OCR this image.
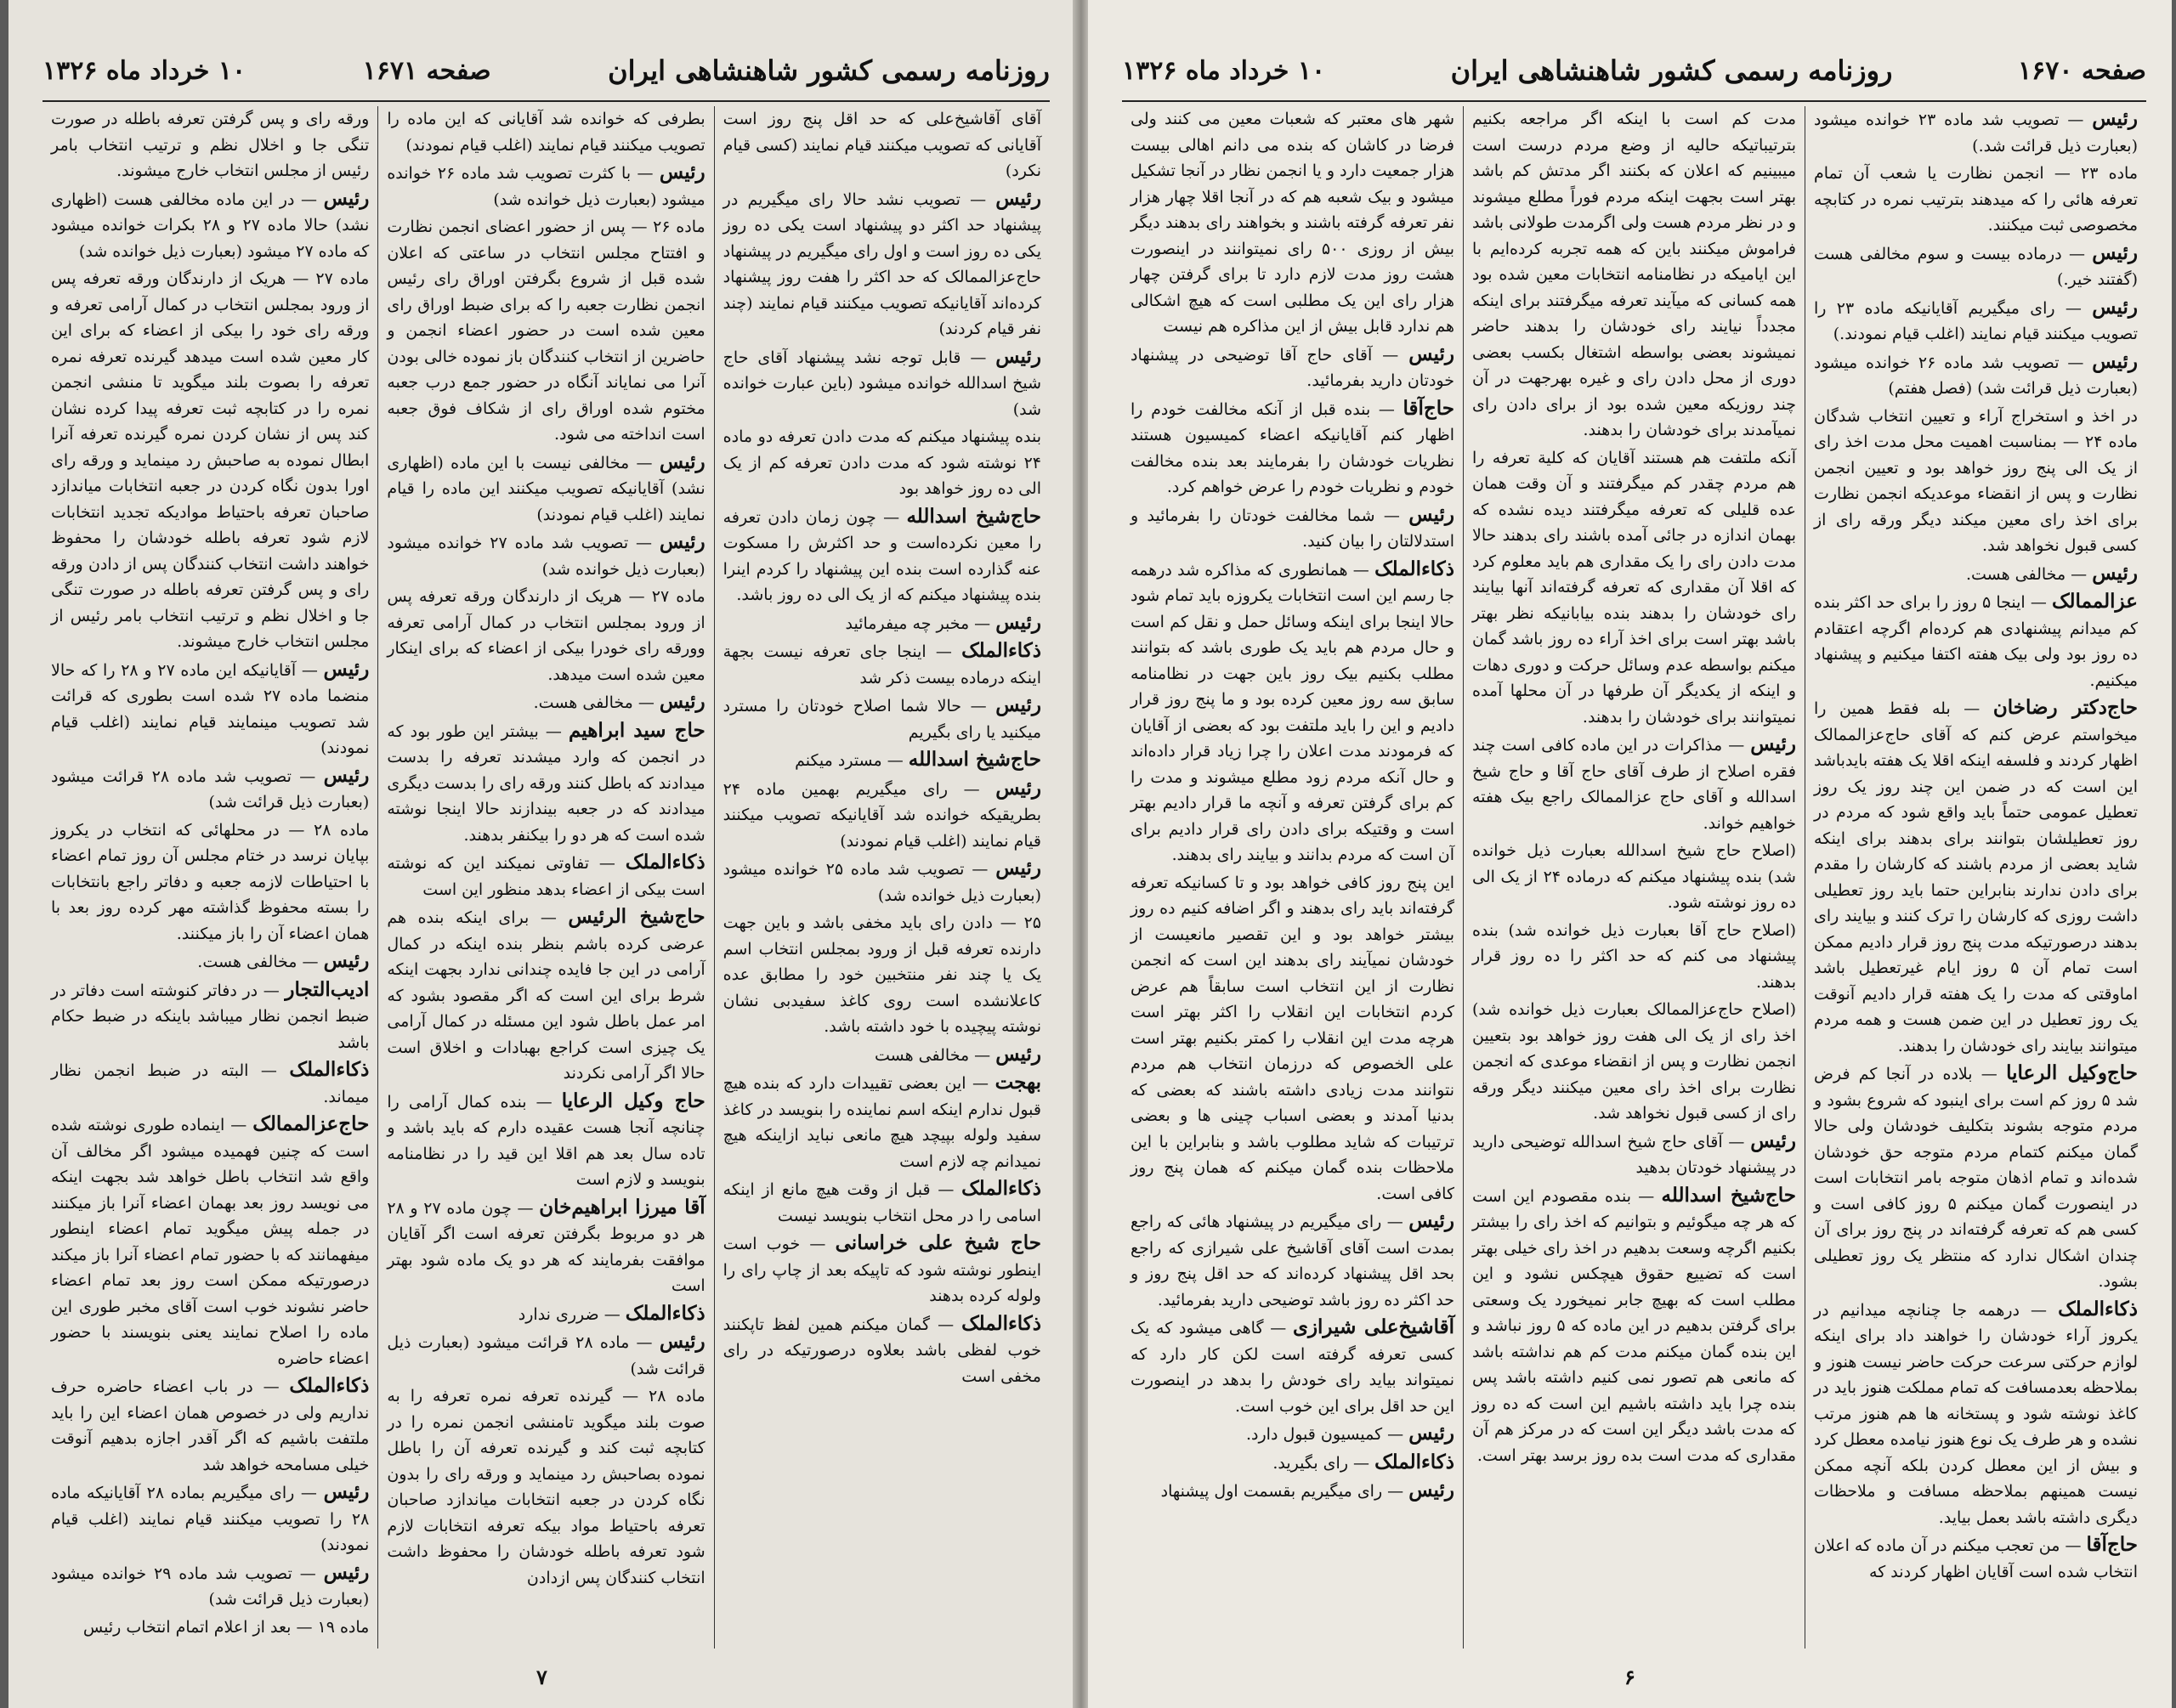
صفحه ۱۶۷۱	روزنامه رسمی کشور شاهنشاهی ایران
۱۰ خرداد ماه ۱۳۲۶

آقای آقاشیخ‌علی که حد اقل پنج روز است آقایانی که تصویب میکنند قیام نمایند (کسی قیام نکرد)

رئیس — تصویب نشد حالا رای میگیریم در پیشنهاد حد اکثر دو پیشنهاد است یکی ده روز یکی ده روز است و اول رای میگیریم در پیشنهاد حاج‌عزالممالک که حد اکثر را هفت روز پیشنهاد کرده‌اند آقایانیکه تصویب میکنند قیام نمایند (چند نفر قیام کردند)

رئیس — قابل توجه نشد پیشنهاد آقای حاج شیخ اسدالله خوانده میشود (باین عبارت خوانده شد)

بنده پیشنهاد میکنم که مدت دادن تعرفه دو ماده ۲۴ نوشته شود که مدت دادن تعرفه کم از یک الی ده روز خواهد بود

حاج‌شیخ اسدالله — چون زمان دادن تعرفه را معین نکرده‌است و حد اکثرش را مسکوت عنه گذارده است بنده این پیشنهاد را کردم اینرا بنده پیشنهاد میکنم که از یک الی ده روز باشد.

رئیس — مخبر چه میفرمائید

ذکاء‌الملک — اینجا جای تعرفه نیست بجهة اینکه درماده بیست ذکر شد

رئیس — حالا شما اصلاح خودتان را مسترد میکنید یا رای بگیریم

حاج‌شیخ اسدالله — مسترد میکنم

رئیس — رای میگیریم بهمین ماده ۲۴ بطریقیکه خوانده شد آقایانیکه تصویب میکنند قیام نمایند (اغلب قیام نمودند)

رئیس — تصویب شد ماده ۲۵ خوانده میشود (بعبارت ذیل خوانده شد)

۲۵ — دادن رای باید مخفی باشد و باین جهت دارنده تعرفه قبل از ورود بمجلس انتخاب اسم یک یا چند نفر منتخبین خود را مطابق عده کاعلانشده است روی کاغذ سفیدبی نشان نوشته پیچیده با خود داشته باشد.

رئیس — مخالفی هست

بهجت — این بعضی تقییدات دارد که بنده هیچ قبول ندارم اینکه اسم نماینده را بنویسد در کاغذ سفید ولوله بپیچد هیچ مانعی نباید ازاینکه هیچ نمیدانم چه لازم است

ذکاء‌الملک — قبل از وقت هیچ مانع از اینکه اسامی را در محل انتخاب بنویسد نیست

حاج شیخ علی خراسانی — خوب است اینطور نوشته شود که تاپیکه بعد از چاپ رای را ولوله کرده بدهند

ذکاء‌الملک — گمان میکنم همین لفظ تاپکنند خوب لفظی باشد بعلاوه درصورتیکه در رای مخفی است

بطرفی که خوانده شد آقایانی که این ماده را تصویب میکنند قیام نمایند (اغلب قیام نمودند)

رئیس — با کثرت تصویب شد ماده ۲۶ خوانده میشود (بعبارت ذیل خوانده شد)

ماده ۲۶ — پس از حضور اعضای انجمن نظارت و افتتاح مجلس انتخاب در ساعتی که اعلان شده قبل از شروع بگرفتن اوراق رای رئیس انجمن نظارت جعبه را که برای ضبط اوراق رای معین شده است در حضور اعضاء انجمن و حاضرین از انتخاب کنندگان باز نموده خالی بودن آنرا می نمایاند آنگاه در حضور جمع درب جعبه مختوم شده اوراق رای از شکاف فوق جعبه است انداخته می شود.

رئیس — مخالفی نیست با این ماده (اظهاری نشد) آقایانیکه تصویب میکنند این ماده را قیام نمایند (اغلب قیام نمودند)

رئیس — تصویب شد ماده ۲۷ خوانده میشود (بعبارت ذیل خوانده شد)

ماده ۲۷ — هریک از دارندگان ورقه تعرفه پس از ورود بمجلس انتخاب در کمال آرامی تعرفه وورقه رای خودرا بیکی از اعضاء که برای اینکار معین شده است میدهد.

رئیس — مخالفی هست.

حاج سید ابراهیم — بیشتر این طور بود که در انجمن که وارد میشدند تعرفه را بدست میدادند که باطل کنند ورقه رای را بدست دیگری میدادند که در جعبه بیندازند حالا اینجا نوشته شده است که هر دو را بیکنفر بدهند.

ذکاء‌الملک — تفاوتی نمیکند این که نوشته است بیکی از اعضاء بدهد منظور این است

حاج‌شیخ الرئیس — برای اینکه بنده هم عرضی کرده باشم بنظر بنده اینکه در کمال آرامی در این جا فایده چندانی ندارد بجهت اینکه شرط برای این است که اگر مقصود بشود که امر عمل باطل شود این مسئله در کمال آرامی یک چیزی است کراجع بهبادات و اخلاق است حالا اگر آرامی نکردند

حاج وکیل الرعایا — بنده کمال آرامی را چنانچه آنجا هست عقیده دارم که باید باشد و تاده سال بعد هم اقلا این قید را در نظامنامه بنویسد و لازم است

آقا میرزا ابراهیم‌خان — چون ماده ۲۷ و ۲۸ هر دو مربوط بگرفتن تعرفه است اگر آقایان موافقت بفرمایند که هر دو یک ماده شود بهتر است

ذکاء‌الملک — ضرری ندارد

رئیس — ماده ۲۸ قرائت میشود (بعبارت ذیل قرائت شد)

ماده ۲۸ — گیرنده تعرفه نمره تعرفه را به صوت بلند میگوید تامنشی انجمن نمره را در کتابچه ثبت کند و گیرنده تعرفه آن را باطل نموده بصاحبش رد مینماید و ورقه رای را بدون نگاه کردن در جعبه انتخابات میاندازد صاحبان تعرفه باحتیاط مواد بیکه تعرفه انتخابات لازم شود تعرفه باطله خودشان را محفوظ داشت انتخاب کنندگان پس ازدادن

ورقه رای و پس گرفتن تعرفه باطله در صورت تنگی جا و اخلال نظم و ترتیب انتخاب بامر رئیس از مجلس انتخاب خارج میشوند.

رئیس — در این ماده مخالفی هست (اظهاری نشد) حالا ماده ۲۷ و ۲۸ بکرات خوانده میشود که ماده ۲۷ میشود (بعبارت ذیل خوانده شد)

ماده ۲۷ — هریک از دارندگان ورقه تعرفه پس از ورود بمجلس انتخاب در کمال آرامی تعرفه و ورقه رای خود را بیکی از اعضاء که برای این کار معین شده است میدهد گیرنده تعرفه نمره تعرفه را بصوت بلند میگوید تا منشی انجمن نمره را در کتابچه ثبت تعرفه پیدا کرده نشان کند پس از نشان کردن نمره گیرنده تعرفه آنرا ابطال نموده به صاحبش رد مینماید و ورقه رای اورا بدون نگاه کردن در جعبه انتخابات میاندازد صاحبان تعرفه باحتیاط موادیکه تجدید انتخابات لازم شود تعرفه باطله خودشان را محفوظ خواهند داشت انتخاب کنندگان پس از دادن ورقه رای و پس گرفتن تعرفه باطله در صورت تنگی جا و اخلال نظم و ترتیب انتخاب بامر رئیس از مجلس انتخاب خارج میشوند.

رئیس — آقایانیکه این ماده ۲۷ و ۲۸ را که حالا منضما ماده ۲۷ شده است بطوری که قرائت شد تصویب مینمایند قیام نمایند (اغلب قیام نمودند)

رئیس — تصویب شد ماده ۲۸ قرائت میشود (بعبارت ذیل قرائت شد)

ماده ۲۸ — در محلهائی که انتخاب در یکروز بپایان نرسد در ختام مجلس آن روز تمام اعضاء با احتیاطات لازمه جعبه و دفاتر راجع بانتخابات را بسته محفوظ گذاشته مهر کرده روز بعد با همان اعضاء آن را باز میکنند.

رئیس — مخالفی هست.

ادیب‌التجار — در دفاتر کنوشته است دفاتر در ضبط انجمن نظار میباشد باینکه در ضبط حکام باشد

ذکاء‌الملک — البته در ضبط انجمن نظار میماند.

حاج‌عزالممالک — اینماده طوری نوشته شده است که چنین فهمیده میشود اگر مخالف آن واقع شد انتخاب باطل خواهد شد بجهت اینکه می نویسد روز بعد بهمان اعضاء آنرا باز میکنند در جمله پیش میگوید تمام اعضاء اینطور میفهمانند که با حضور تمام اعضاء آنرا باز میکند درصورتیکه ممکن است روز بعد تمام اعضاء حاضر نشوند خوب است آقای مخبر طوری این ماده را اصلاح نمایند یعنی بنویسند با حضور اعضاء حاضره

ذکاء‌الملک — در باب اعضاء حاضره حرف نداریم ولی در خصوص همان اعضاء این را باید ملتفت باشیم که اگر آقدر اجازه بدهیم آنوقت خیلی مسامحه خواهد شد

رئیس — رای میگیریم بماده ۲۸ آقایانیکه ماده ۲۸ را تصویب میکنند قیام نمایند (اغلب قیام نمودند)

رئیس — تصویب شد ماده ۲۹ خوانده میشود (بعبارت ذیل قرائت شد)

ماده ۱۹ — بعد از اعلام اتمام انتخاب رئیس

۷
صفحه ۱۶۷۰
روزنامه رسمی کشور شاهنشاهی ایران
۱۰ خرداد ماه ۱۳۲۶

رئیس — تصویب شد ماده ۲۳ خوانده میشود (بعبارت ذیل قرائت شد.)

ماده ۲۳ — انجمن نظارت یا شعب آن تمام تعرفه هائی را که میدهند بترتیب نمره در کتابچه مخصوصی ثبت میکنند.

رئیس — درماده بیست و سوم مخالفی هست (گفتند خیر.)

رئیس — رای میگیریم آقایانیکه ماده ۲۳ را تصویب میکنند قیام نمایند (اغلب قیام نمودند.)

رئیس — تصویب شد ماده ۲۶ خوانده میشود (بعبارت ذیل قرائت شد) (فصل هفتم)

در اخذ و استخراج آراء و تعیین انتخاب شدگان ماده ۲۴ — بمناسبت اهمیت محل مدت اخذ رای از یک الی پنج روز خواهد بود و تعیین انجمن نظارت و پس از انقضاء موعدیکه انجمن نظارت برای اخذ رای معین میکند دیگر ورقه رای از کسی قبول نخواهد شد.

رئیس — مخالفی هست.

عزالممالک — اینجا ۵ روز را برای حد اکثر بنده کم میدانم پیشنهادی هم کرده‌ام اگرچه اعتقادم ده روز بود ولی بیک هفته اکتفا میکنیم و پیشنهاد میکنیم.

حاج‌دکتر رضاخان — بله فقط همین را میخواستم عرض کنم که آقای حاج‌عزالممالک اظهار کردند و فلسفه اینکه اقلا یک هفته بایدباشد این است که در ضمن این چند روز یک روز تعطیل عمومی حتماً باید واقع شود که مردم در روز تعطیلشان بتوانند برای بدهند برای اینکه شاید بعضی از مردم باشند که کارشان را مقدم برای دادن ندارند بنابراین حتما باید روز تعطیلی داشت روزی که کارشان را ترک کنند و بیایند رای بدهند درصورتیکه مدت پنج روز قرار دادیم ممکن است تمام آن ۵ روز ایام غیرتعطیل باشد اماوقتی که مدت را یک هفته قرار دادیم آنوقت یک روز تعطیل در این ضمن هست و همه مردم میتوانند بیایند رای خودشان را بدهند.

حاج‌وکیل الرعایا — بلاده در آنجا کم فرض شد ۵ روز کم است برای اینبود که شروع بشود و مردم متوجه بشوند بتکلیف خودشان ولی حالا گمان میکنم کتمام مردم متوجه حق خودشان شده‌اند و تمام اذهان متوجه بامر انتخابات است در اینصورت گمان میکنم ۵ روز کافی است و کسی هم که تعرفه گرفته‌اند در پنج روز برای آن چندان اشکال ندارد که منتظر یک روز تعطیلی بشود.

ذکاء‌الملک — درهمه جا چنانچه میدانیم در یکروز آراء خودشان را خواهند داد برای اینکه لوازم حرکتی سرعت حرکت حاضر نیست هنوز و بملاحظه بعدمسافت که تمام مملکت هنوز باید در کاغذ نوشته شود و پستخانه ها هم هنوز مرتب نشده و هر طرف یک نوع هنوز نیامده معطل کرد و بیش از این معطل کردن بلکه آنچه ممکن نیست همینهم بملاحظه مسافت و ملاحظات دیگری داشته باشد بعمل بیاید.

حاج‌آقا — من تعجب میکنم در آن ماده که اعلان انتخاب شده است آقایان اظهار کردند که

مدت کم است با اینکه اگر مراجعه بکنیم بترتیباتیکه حالیه از وضع مردم درست است میبینیم که اعلان که بکنند اگر مدتش کم باشد بهتر است بجهت اینکه مردم فوراً مطلع میشوند و در نظر مردم هست ولی اگرمدت طولانی باشد فراموش میکنند باین که همه تجربه کرده‌ایم با این ایامیکه در نظامنامه انتخابات معین شده بود همه کسانی که میآیند تعرفه میگرفتند برای اینکه مجدداً نیایند رای خودشان را بدهند حاضر نمیشوند بعضی بواسطه اشتغال بکسب بعضی دوری از محل دادن رای و غیره بهرجهت در آن چند روزیکه معین شده بود از برای دادن رای نمیآمدند برای خودشان را بدهند.

آنکه ملتفت هم هستند آقایان که کلیة تعرفه را هم مردم چقدر کم میگرفتند و آن وقت همان عده قلیلی که تعرفه میگرفتند دیده نشده که بهمان اندازه در جائی آمده باشند رای بدهند حالا مدت دادن رای را یک مقداری هم باید معلوم کرد که اقلا آن مقداری که تعرفه گرفته‌اند آنها بیایند رای خودشان را بدهند بنده بیابانیکه نظر بهتر باشد بهتر است برای اخذ آراء ده روز باشد گمان میکنم بواسطه عدم وسائل حرکت و دوری دهات و اینکه از یکدیگر آن طرفها در آن محلها آمده نمیتوانند برای خودشان را بدهند.

رئیس — مذاکرات در این ماده کافی است چند فقره اصلاح از طرف آقای حاج آقا و حاج شیخ اسدالله و آقای حاج عزالممالک راجع بیک هفته خواهیم خواند.

(اصلاح حاج شیخ اسدالله بعبارت ذیل خوانده شد) بنده پیشنهاد میکنم که درماده ۲۴ از یک الی ده روز نوشته شود.

(اصلاح حاج آقا بعبارت ذیل خوانده شد) بنده پیشنهاد می کنم که حد اکثر را ده روز قرار بدهند.

(اصلاح حاج‌عزالممالک بعبارت ذیل خوانده شد) اخذ رای از یک الی هفت روز خواهد بود بتعیین انجمن نظارت و پس از انقضاء موعدی که انجمن نظارت برای اخذ رای معین میکنند دیگر ورقه رای از کسی قبول نخواهد شد.

رئیس — آقای حاج شیخ اسدالله توضیحی دارید در پیشنهاد خودتان بدهید

حاج‌شیخ اسدالله — بنده مقصودم این است که هر چه میگوئیم و بتوانیم که اخذ رای را بیشتر بکنیم اگرچه وسعت بدهیم در اخذ رای خیلی بهتر است که تضییع حقوق هیچکس نشود و این مطلب است که بهیچ جابر نمیخورد یک وسعتی برای گرفتن بدهیم در این ماده که ۵ روز نباشد و این بنده گمان میکنم مدت کم هم نداشته باشد که مانعی هم تصور نمی کنیم داشته باشد پس بنده چرا باید داشته باشیم این است که ده روز که مدت باشد دیگر این است که در مرکز هم آن مقداری که مدت است بده روز برسد بهتر است.

شهر های معتبر که شعبات معین می کنند ولی فرضا در کاشان که بنده می دانم اهالی بیست هزار جمعیت دارد و یا انجمن نظار در آنجا تشکیل میشود و بیک شعبه هم که در آنجا اقلا چهار هزار نفر تعرفه گرفته باشند و بخواهند رای بدهند دیگر بیش از روزی ۵۰۰ رای نمیتوانند در اینصورت هشت روز مدت لازم دارد تا برای گرفتن چهار هزار رای این یک مطلبی است که هیچ اشکالی هم ندارد قابل بیش از این مذاکره هم نیست

رئیس — آقای حاج آقا توضیحی در پیشنهاد خودتان دارید بفرمائید.

حاج‌آقا — بنده قبل از آنکه مخالفت خودم را اظهار کنم آقایانیکه اعضاء کمیسیون هستند نظریات خودشان را بفرمایند بعد بنده مخالفت خودم و نظریات خودم را عرض خواهم کرد.

رئیس — شما مخالفت خودتان را بفرمائید و استدلالتان را بیان کنید.

ذکاء‌الملک — همانطوری که مذاکره شد درهمه جا رسم این است انتخابات یکروزه باید تمام شود حالا اینجا برای اینکه وسائل حمل و نقل کم است و حال مردم هم باید یک طوری باشد که بتوانند مطلب بکنیم بیک روز باین جهت در نظامنامه سابق سه روز معین کرده بود و ما پنج روز قرار دادیم و این را باید ملتفت بود که بعضی از آقایان که فرمودند مدت اعلان را چرا زیاد قرار داده‌اند و حال آنکه مردم زود مطلع میشوند و مدت را کم برای گرفتن تعرفه و آنچه ما قرار دادیم بهتر است و وقتیکه برای دادن رای قرار دادیم برای آن است که مردم بدانند و بیایند رای بدهند.

این پنج روز کافی خواهد بود و تا کسانیکه تعرفه گرفته‌اند باید رای بدهند و اگر اضافه کنیم ده روز بیشتر خواهد بود و این تقصیر مانعیست از خودشان نمیآیند رای بدهند این است که انجمن نظارت از این انتخاب است سابقاً هم عرض کردم انتخابات این انقلاب را اکثر بهتر است هرچه مدت این انقلاب را کمتر بکنیم بهتر است علی الخصوص که درزمان انتخاب هم مردم نتوانند مدت زیادی داشته باشند که بعضی که بدنیا آمدند و بعضی اسباب چینی ها و بعضی ترتیبات که شاید مطلوب باشد و بنابراین با این ملاحظات بنده گمان میکنم که همان پنج روز کافی است.

رئیس — رای میگیریم در پیشنهاد هائی که راجع بمدت است آقای آقاشیخ علی شیرازی که راجع بحد اقل پیشنهاد کرده‌اند که حد اقل پنج روز و حد اکثر ده روز باشد توضیحی دارید بفرمائید.

آقاشیخ‌علی شیرازی — گاهی میشود که یک کسی تعرفه گرفته است لکن کار دارد که نمیتواند بیاید رای خودش را بدهد در اینصورت این حد اقل برای این خوب است.

رئیس — کمیسیون قبول دارد.

ذکاء‌الملک — رای بگیرید.

رئیس — رای میگیریم بقسمت اول پیشنهاد

۶
